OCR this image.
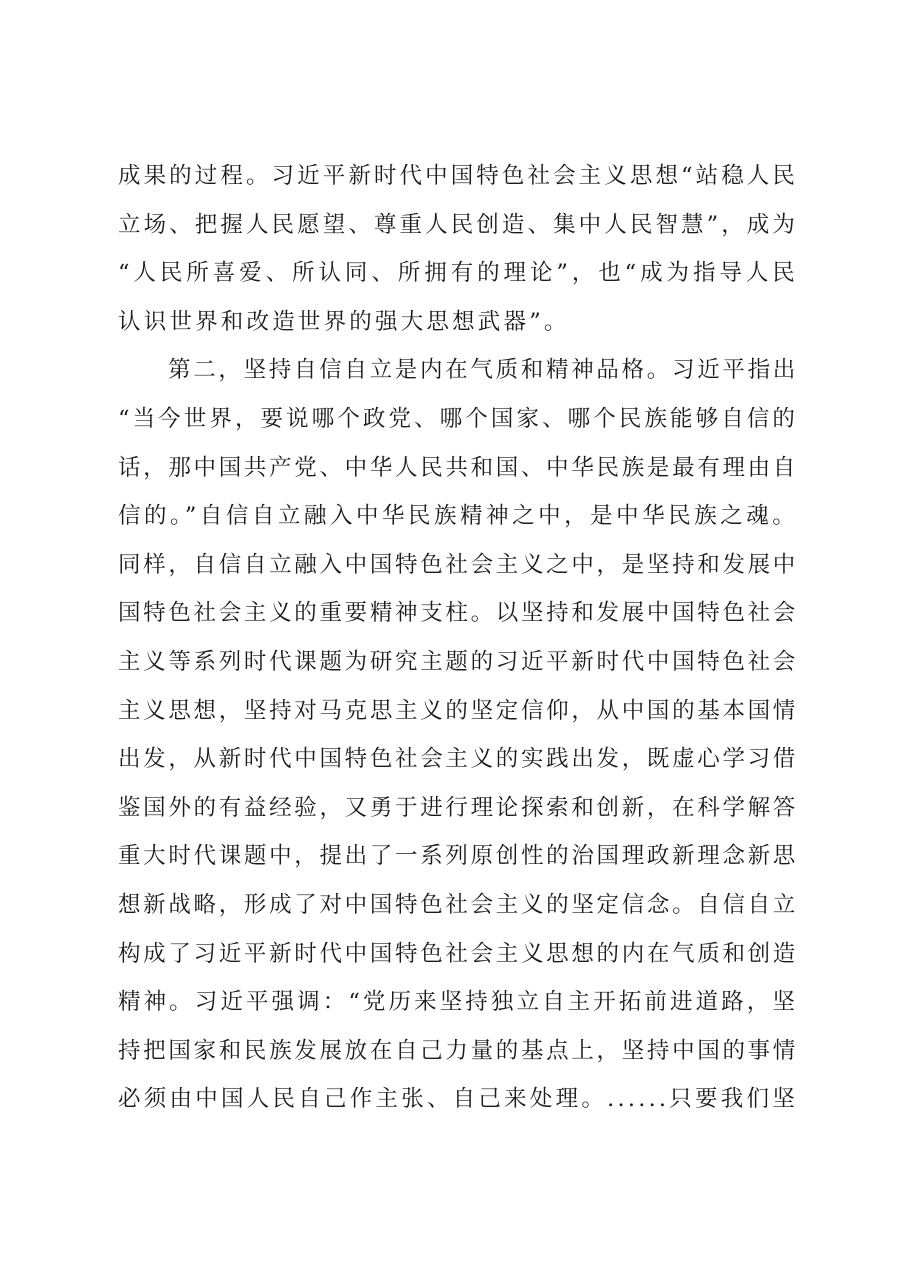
成果的过程。习近平新时代中国特色社会主义思想“站稳人民
立场、把握人民愿望、尊重人民创造、集中人民智慧”，成为
“人民所喜爱、所认同、所拥有的理论”，也“成为指导人民
认识世界和改造世界的强大思想武器”。
第二，坚持自信自立是内在气质和精神品格。习近平指出
“当今世界，要说哪个政党、哪个国家、哪个民族能够自信的
话，那中国共产党、中华人民共和国、中华民族是最有理由自
信的。”自信自立融入中华民族精神之中，是中华民族之魂。
同样，自信自立融入中国特色社会主义之中，是坚持和发展中
国特色社会主义的重要精神支柱。以坚持和发展中国特色社会
主义等系列时代课题为研究主题的习近平新时代中国特色社会
主义思想，坚持对马克思主义的坚定信仰，从中国的基本国情
出发，从新时代中国特色社会主义的实践出发，既虚心学习借
鉴国外的有益经验，又勇于进行理论探索和创新，在科学解答
重大时代课题中，提出了一系列原创性的治国理政新理念新思
想新战略，形成了对中国特色社会主义的坚定信念。自信自立
构成了习近平新时代中国特色社会主义思想的内在气质和创造
精神。习近平强调：“党历来坚持独立自主开拓前进道路，坚
持把国家和民族发展放在自己力量的基点上，坚持中国的事情
必须由中国人民自己作主张、自己来处理。......只要我们坚
